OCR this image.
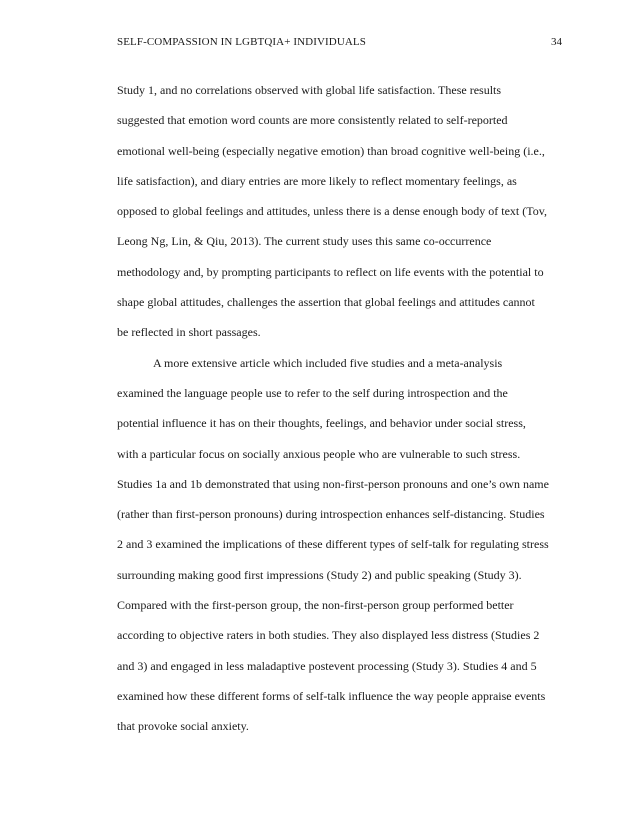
SELF-COMPASSION IN LGBTQIA+ INDIVIDUALS	34
Study 1, and no correlations observed with global life satisfaction. These results
suggested that emotion word counts are more consistently related to self-reported
emotional well-being (especially negative emotion) than broad cognitive well-being (i.e.,
life satisfaction), and diary entries are more likely to reflect momentary feelings, as
opposed to global feelings and attitudes, unless there is a dense enough body of text (Tov,
Leong Ng, Lin, & Qiu, 2013). The current study uses this same co-occurrence
methodology and, by prompting participants to reflect on life events with the potential to
shape global attitudes, challenges the assertion that global feelings and attitudes cannot
be reflected in short passages.
A more extensive article which included five studies and a meta-analysis
examined the language people use to refer to the self during introspection and the
potential influence it has on their thoughts, feelings, and behavior under social stress,
with a particular focus on socially anxious people who are vulnerable to such stress.
Studies 1a and 1b demonstrated that using non-first-person pronouns and one’s own name
(rather than first-person pronouns) during introspection enhances self-distancing. Studies
2 and 3 examined the implications of these different types of self-talk for regulating stress
surrounding making good first impressions (Study 2) and public speaking (Study 3).
Compared with the first-person group, the non-first-person group performed better
according to objective raters in both studies. They also displayed less distress (Studies 2
and 3) and engaged in less maladaptive postevent processing (Study 3). Studies 4 and 5
examined how these different forms of self-talk influence the way people appraise events
that provoke social anxiety.
